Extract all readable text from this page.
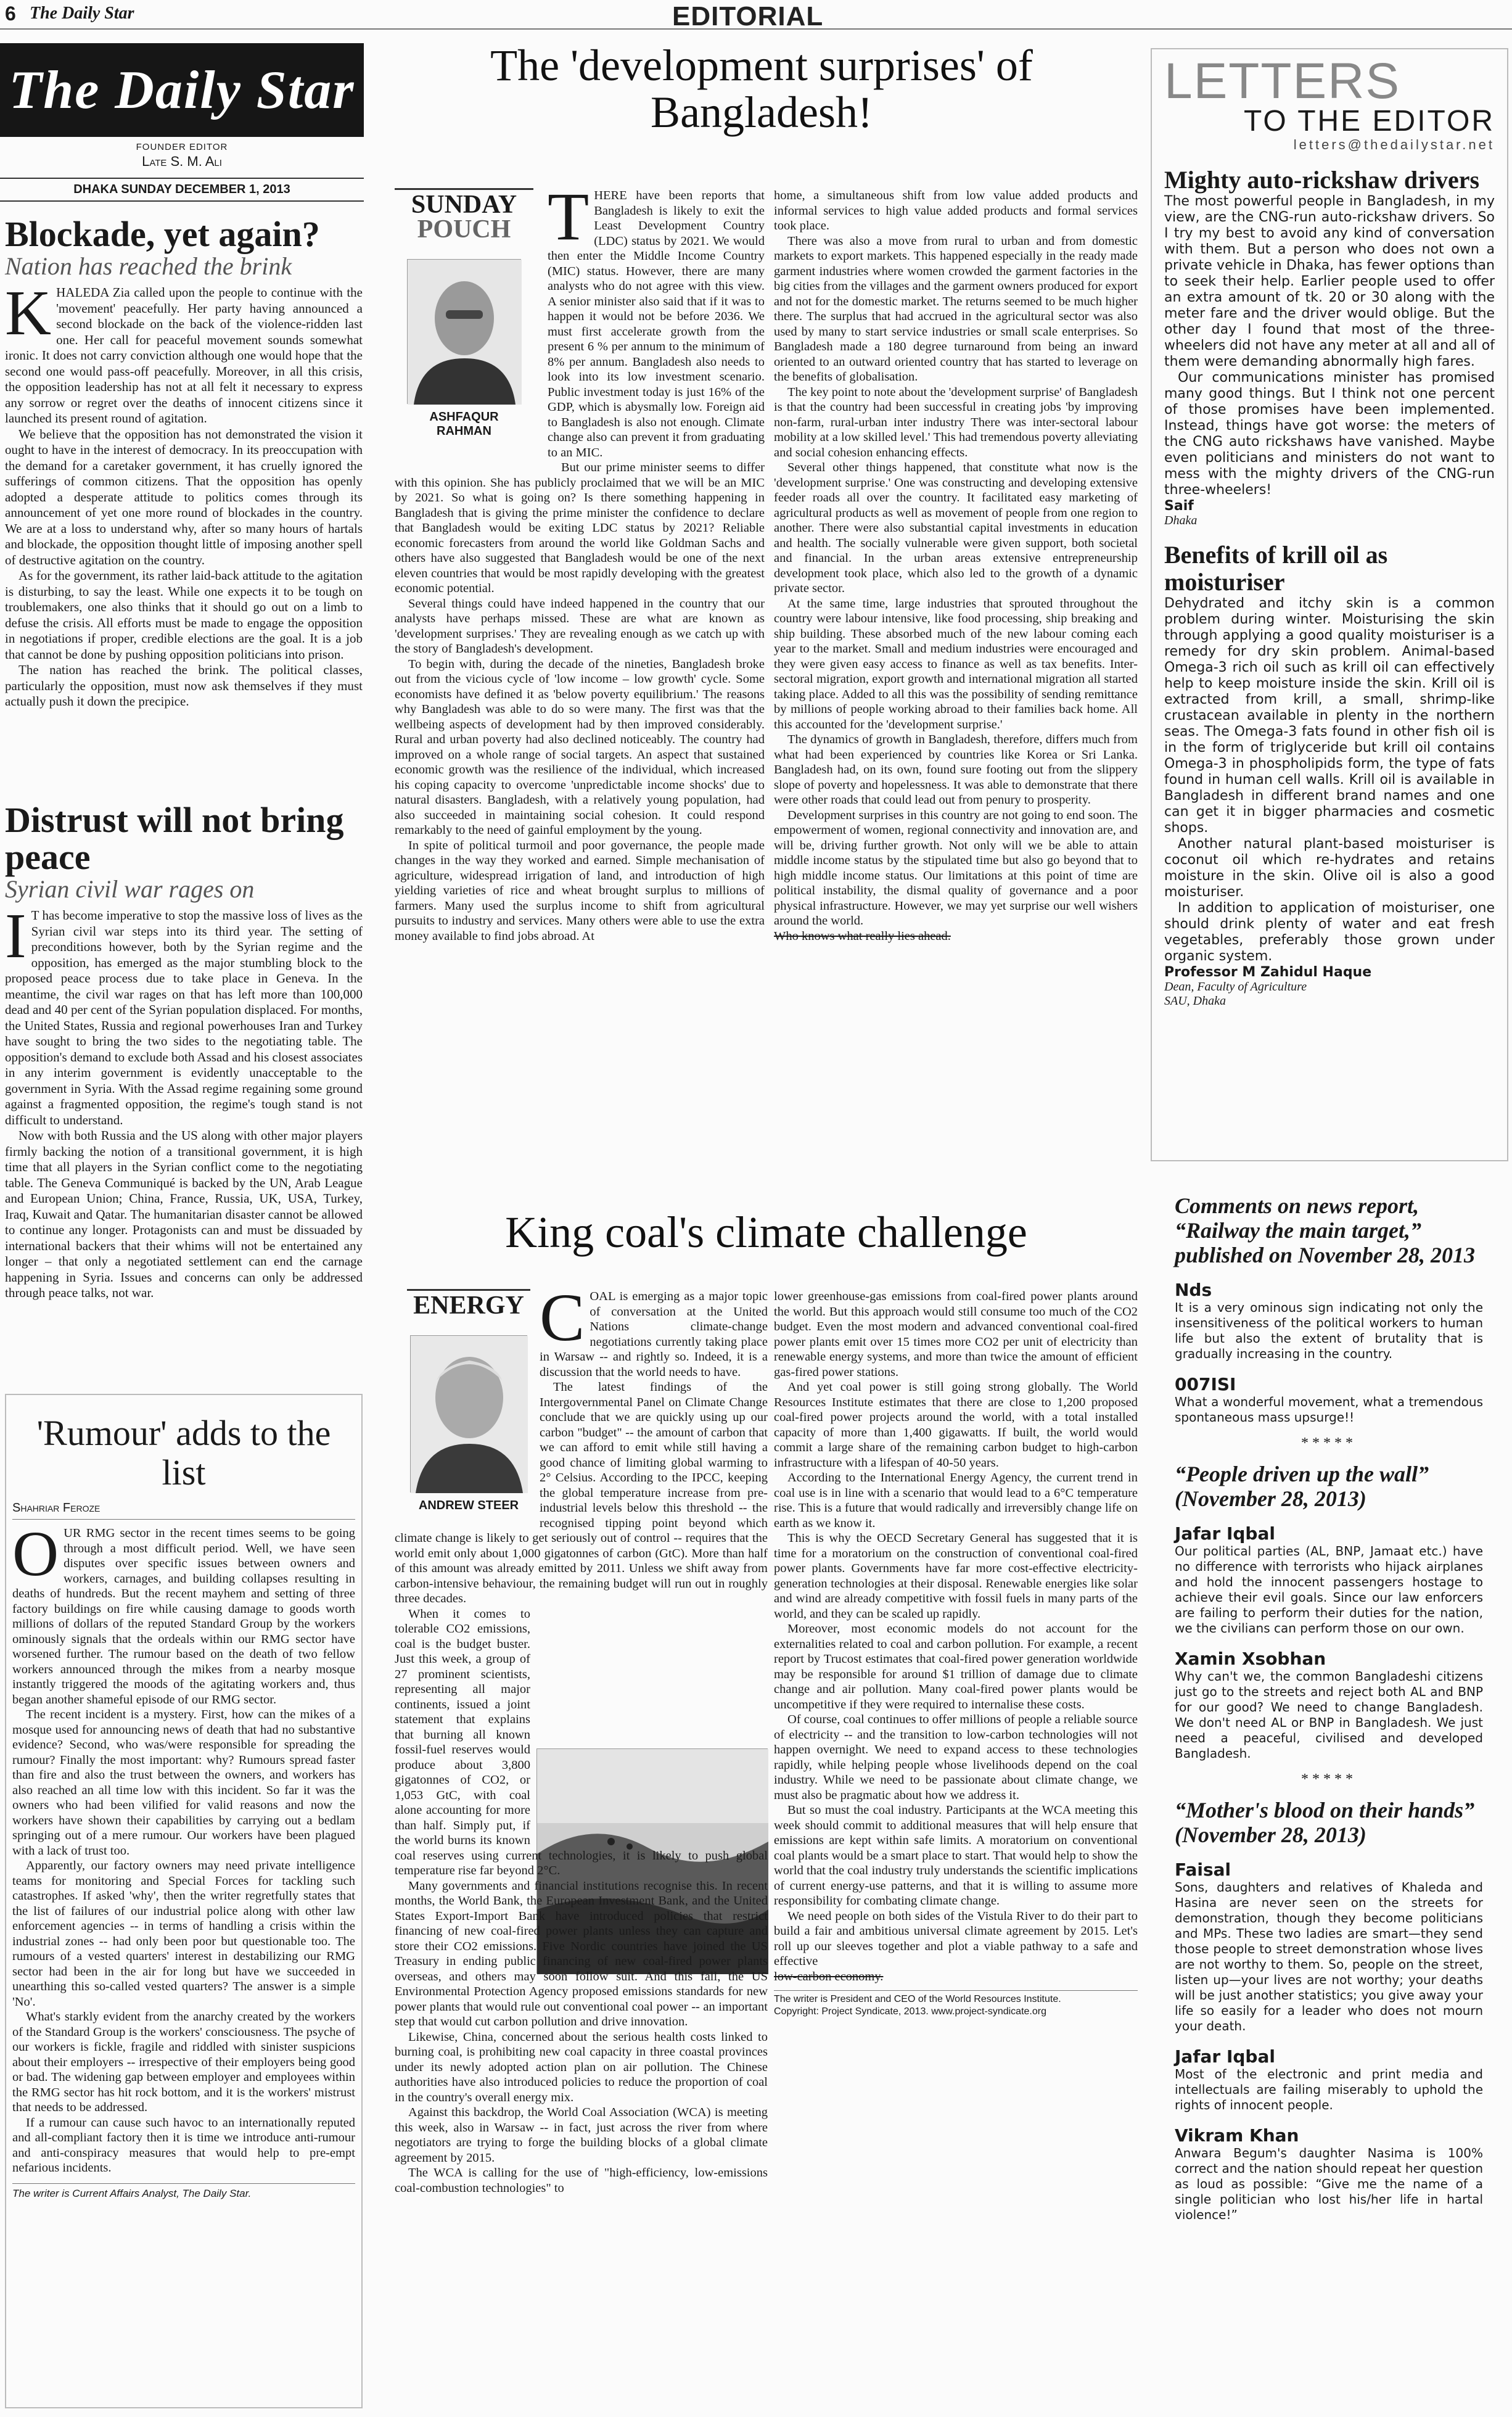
6 The Daily Star	EDITORIAL
The Daily Star
FOUNDER EDITOR
Late S. M. Ali
DHAKA SUNDAY DECEMBER 1, 2013
Blockade, yet again?
Nation has reached the brink
K HALEDA Zia called upon the people to continue with the 'movement' peacefully. Her party having announced a second blockade on the back of the violence-ridden last one. Her call for peaceful movement sounds somewhat ironic. It does not carry conviction although one would hope that the second one would pass-off peacefully. Moreover, in all this crisis, the opposition leadership has not at all felt it necessary to express any sorrow or regret over the deaths of innocent citizens since it launched its present round of agitation.

We believe that the opposition has not demonstrated the vision it ought to have in the interest of democracy. In its preoccupation with the demand for a caretaker government, it has cruelly ignored the sufferings of common citizens. That the opposition has openly adopted a desperate attitude to politics comes through its announcement of yet one more round of blockades in the country. We are at a loss to understand why, after so many hours of hartals and blockade, the opposition thought little of imposing another spell of destructive agitation on the country.

As for the government, its rather laid-back attitude to the agitation is disturbing, to say the least. While one expects it to be tough on troublemakers, one also thinks that it should go out on a limb to defuse the crisis. All efforts must be made to engage the opposition in negotiations if proper, credible elections are the goal. It is a job that cannot be done by pushing opposition politicians into prison.

The nation has reached the brink. The political classes, particularly the opposition, must now ask themselves if they must actually push it down the precipice.

Distrust will not bring peace
Syrian civil war rages on
I T has become imperative to stop the massive loss of lives as the Syrian civil war steps into its third year. The setting of preconditions however, both by the Syrian regime and the opposition, has emerged as the major stumbling block to the proposed peace process due to take place in Geneva. In the meantime, the civil war rages on that has left more than 100,000 dead and 40 per cent of the Syrian population displaced. For months, the United States, Russia and regional powerhouses Iran and Turkey have sought to bring the two sides to the negotiating table. The opposition's demand to exclude both Assad and his closest associates in any interim government is evidently unacceptable to the government in Syria. With the Assad regime regaining some ground against a fragmented opposition, the regime's tough stand is not difficult to understand.

Now with both Russia and the US along with other major players firmly backing the notion of a transitional government, it is high time that all players in the Syrian conflict come to the negotiating table. The Geneva Communiqué is backed by the UN, Arab League and European Union; China, France, Russia, UK, USA, Turkey, Iraq, Kuwait and Qatar. The humanitarian disaster cannot be allowed to continue any longer. Protagonists can and must be dissuaded by international backers that their whims will not be entertained any longer – that only a negotiated settlement can end the carnage happening in Syria. Issues and concerns can only be addressed through peace talks, not war.

'Rumour' adds to the list
Shahriar Feroze
O UR RMG sector in the recent times seems to be going through a most difficult period. Well, we have seen disputes over specific issues between owners and workers, carnages, and building collapses resulting in deaths of hundreds. But the recent mayhem and setting of three factory buildings on fire while causing damage to goods worth millions of dollars of the reputed Standard Group by the workers ominously signals that the ordeals within our RMG sector have worsened further. The rumour based on the death of two fellow workers announced through the mikes from a nearby mosque instantly triggered the moods of the agitating workers and, thus began another shameful episode of our RMG sector.

The recent incident is a mystery. First, how can the mikes of a mosque used for announcing news of death that had no substantive evidence? Second, who was/were responsible for spreading the rumour? Finally the most important: why? Rumours spread faster than fire and also the trust between the owners, and workers has also reached an all time low with this incident. So far it was the owners who had been vilified for valid reasons and now the workers have shown their capabilities by carrying out a bedlam springing out of a mere rumour. Our workers have been plagued with a lack of trust too.

Apparently, our factory owners may need private intelligence teams for monitoring and Special Forces for tackling such catastrophes. If asked 'why', then the writer regretfully states that the list of failures of our industrial police along with other law enforcement agencies -- in terms of handling a crisis within the industrial zones -- had only been poor but questionable too. The rumours of a vested quarters' interest in destabilizing our RMG sector had been in the air for long but have we succeeded in unearthing this so-called vested quarters? The answer is a simple 'No'.

What's starkly evident from the anarchy created by the workers of the Standard Group is the workers' consciousness. The psyche of our workers is fickle, fragile and riddled with sinister suspicions about their employers -- irrespective of their employers being good or bad. The widening gap between employer and employees within the RMG sector has hit rock bottom, and it is the workers' mistrust that needs to be addressed.

If a rumour can cause such havoc to an internationally reputed and all-compliant factory then it is time we introduce anti-rumour and anti-conspiracy measures that would help to pre-empt nefarious incidents.

The writer is Current Affairs Analyst, The Daily Star.
The 'development surprises' of Bangladesh!
SUNDAY
POUCH
ASHFAQUR
RAHMAN
T HERE have been reports that Bangladesh is likely to exit the Least Development Country (LDC) status by 2021. We would then enter the Middle Income Country (MIC) status. However, there are many analysts who do not agree with this view. A senior minister also said that if it was to happen it would not be before 2036. We must first accelerate growth from the present 6 % per annum to the minimum of 8% per annum. Bangladesh also needs to look into its low investment scenario. Public investment today is just 16% of the GDP, which is abysmally low. Foreign aid to Bangladesh is also not enough. Climate change also can prevent it from graduating to an MIC.

But our prime minister seems to differ with this opinion. She has publicly proclaimed that we will be an MIC by 2021. So what is going on? Is there something happening in Bangladesh that is giving the prime minister the confidence to declare that Bangladesh would be exiting LDC status by 2021? Reliable economic forecasters from around the world like Goldman Sachs and others have also suggested that Bangladesh would be one of the next eleven countries that would be most rapidly developing with the greatest economic potential.

Several things could have indeed happened in the country that our analysts have perhaps missed. These are what are known as 'development surprises.' They are revealing enough as we catch up with the story of Bangladesh's development.

To begin with, during the decade of the nineties, Bangladesh broke out from the vicious cycle of 'low income – low growth' cycle. Some economists have defined it as 'below poverty equilibrium.' The reasons why Bangladesh was able to do so were many. The first was that the wellbeing aspects of development had by then improved considerably. Rural and urban poverty had also declined noticeably. The country had improved on a whole range of social targets. An aspect that sustained economic growth was the resilience of the individual, which increased his coping capacity to overcome 'unpredictable income shocks' due to natural disasters. Bangladesh, with a relatively young population, had also succeeded in maintaining social cohesion. It could respond remarkably to the need of gainful employment by the young.

In spite of political turmoil and poor governance, the people made changes in the way they worked and earned. Simple mechanisation of agriculture, widespread irrigation of land, and introduction of high yielding varieties of rice and wheat brought surplus to millions of farmers. Many used the surplus income to shift from agricultural pursuits to industry and services. Many others were able to use the extra money available to find jobs abroad. At

home, a simultaneous shift from low value added products and informal services to high value added products and formal services took place.

There was also a move from rural to urban and from domestic markets to export markets. This happened especially in the ready made garment industries where women crowded the garment factories in the big cities from the villages and the garment owners produced for export and not for the domestic market. The returns seemed to be much higher there. The surplus that had accrued in the agricultural sector was also used by many to start service industries or small scale enterprises. So Bangladesh made a 180 degree turnaround from being an inward oriented to an outward oriented country that has started to leverage on the benefits of globalisation.

The key point to note about the 'development surprise' of Bangladesh is that the country had been successful in creating jobs 'by improving non-farm, rural-urban inter industry There was inter-sectoral labour mobility at a low skilled level.' This had tremendous poverty alleviating and social cohesion enhancing effects.

Several other things happened, that constitute what now is the 'development surprise.' One was constructing and developing extensive feeder roads all over the country. It facilitated easy marketing of agricultural products as well as movement of people from one region to another. There were also substantial capital investments in education and health. The socially vulnerable were given support, both societal and financial. In the urban areas extensive entrepreneurship development took place, which also led to the growth of a dynamic private sector.

At the same time, large industries that sprouted throughout the country were labour intensive, like food processing, ship breaking and ship building. These absorbed much of the new labour coming each year to the market. Small and medium industries were encouraged and they were given easy access to finance as well as tax benefits. Inter-sectoral migration, export growth and international migration all started taking place. Added to all this was the possibility of sending remittance by millions of people working abroad to their families back home. All this accounted for the 'development surprise.'

The dynamics of growth in Bangladesh, therefore, differs much from what had been experienced by countries like Korea or Sri Lanka. Bangladesh had, on its own, found sure footing out from the slippery slope of poverty and hopelessness. It was able to demonstrate that there were other roads that could lead out from penury to prosperity.

Development surprises in this country are not going to end soon. The empowerment of women, regional connectivity and innovation are, and will be, driving further growth. Not only will we be able to attain middle income status by the stipulated time but also go beyond that to high middle income status. Our limitations at this point of time are political instability, the dismal quality of governance and a poor physical infrastructure. However, we may yet surprise our well wishers around the world.

Who knows what really lies ahead.

King coal's climate challenge
ENERGY
ANDREW STEER
C OAL is emerging as a major topic of conversation at the United Nations climate-change negotiations currently taking place in Warsaw -- and rightly so. Indeed, it is a discussion that the world needs to have.

The latest findings of the Intergovernmental Panel on Climate Change conclude that we are quickly using up our carbon "budget" -- the amount of carbon that we can afford to emit while still having a good chance of limiting global warming to 2° Celsius. According to the IPCC, keeping the global temperature increase from pre-industrial levels below this threshold -- the recognised tipping point beyond which climate change is likely to get seriously out of control -- requires that the world emit only about 1,000 gigatonnes of carbon (GtC). More than half of this amount was already emitted by 2011. Unless we shift away from carbon-intensive behaviour, the remaining budget will run out in roughly three decades.

When it comes to tolerable CO2 emissions, coal is the budget buster. Just this week, a group of 27 prominent scientists, representing all major continents, issued a joint statement that explains that burning all known fossil-fuel reserves would produce about 3,800 gigatonnes of CO2, or 1,053 GtC, with coal alone accounting for more than half. Simply put, if the world burns its known coal reserves using current technologies, it is likely to push global temperature rise far beyond 2°C.

Many governments and financial institutions recognise this. In recent months, the World Bank, the European Investment Bank, and the United States Export-Import Bank have introduced policies that restrict financing of new coal-fired power plants unless they can capture and store their CO2 emissions. Five Nordic countries have joined the US Treasury in ending public financing of new coal-fired power plants overseas, and others may soon follow suit. And this fall, the US Environmental Protection Agency proposed emissions standards for new power plants that would rule out conventional coal power -- an important step that would cut carbon pollution and drive innovation.

Likewise, China, concerned about the serious health costs linked to burning coal, is prohibiting new coal capacity in three coastal provinces under its newly adopted action plan on air pollution. The Chinese authorities have also introduced policies to reduce the proportion of coal in the country's overall energy mix.

Against this backdrop, the World Coal Association (WCA) is meeting this week, also in Warsaw -- in fact, just across the river from where negotiators are trying to forge the building blocks of a global climate agreement by 2015.

The WCA is calling for the use of "high-efficiency, low-emissions coal-combustion technologies" to

lower greenhouse-gas emissions from coal-fired power plants around the world. But this approach would still consume too much of the CO2 budget. Even the most modern and advanced conventional coal-fired power plants emit over 15 times more CO2 per unit of electricity than renewable energy systems, and more than twice the amount of efficient gas-fired power stations.

And yet coal power is still going strong globally. The World Resources Institute estimates that there are close to 1,200 proposed coal-fired power projects around the world, with a total installed capacity of more than 1,400 gigawatts. If built, the world would commit a large share of the remaining carbon budget to high-carbon infrastructure with a lifespan of 40-50 years.

According to the International Energy Agency, the current trend in coal use is in line with a scenario that would lead to a 6°C temperature rise. This is a future that would radically and irreversibly change life on earth as we know it.

This is why the OECD Secretary General has suggested that it is time for a moratorium on the construction of conventional coal-fired power plants. Governments have far more cost-effective electricity-generation technologies at their disposal. Renewable energies like solar and wind are already competitive with fossil fuels in many parts of the world, and they can be scaled up rapidly.

Moreover, most economic models do not account for the externalities related to coal and carbon pollution. For example, a recent report by Trucost estimates that coal-fired power generation worldwide may be responsible for around $1 trillion of damage due to climate change and air pollution. Many coal-fired power plants would be uncompetitive if they were required to internalise these costs.

Of course, coal continues to offer millions of people a reliable source of electricity -- and the transition to low-carbon technologies will not happen overnight. We need to expand access to these technologies rapidly, while helping people whose livelihoods depend on the coal industry. While we need to be passionate about climate change, we must also be pragmatic about how we address it.

But so must the coal industry. Participants at the WCA meeting this week should commit to additional measures that will help ensure that emissions are kept within safe limits. A moratorium on conventional coal plants would be a smart place to start. That would help to show the world that the coal industry truly understands the scientific implications of current energy-use patterns, and that it is willing to assume more responsibility for combating climate change.

We need people on both sides of the Vistula River to do their part to build a fair and ambitious universal climate agreement by 2015. Let's roll up our sleeves together and plot a viable pathway to a safe and effective

low-carbon economy.

The writer is President and CEO of the World Resources Institute.
Copyright: Project Syndicate, 2013. www.project-syndicate.org
LETTERS
TO THE EDITOR
letters@thedailystar.net
Mighty auto-rickshaw drivers

The most powerful people in Bangladesh, in my view, are the CNG-run auto-rickshaw drivers. So I try my best to avoid any kind of conversation with them. But a person who does not own a private vehicle in Dhaka, has fewer options than to seek their help. Earlier people used to offer an extra amount of tk. 20 or 30 along with the meter fare and the driver would oblige. But the other day I found that most of the three-wheelers did not have any meter at all and all of them were demanding abnormally high fares.

Our communications minister has promised many good things. But I think not one percent of those promises have been implemented. Instead, things have got worse: the meters of the CNG auto rickshaws have vanished. Maybe even politicians and ministers do not want to mess with the mighty drivers of the CNG-run three-wheelers!

Saif
Dhaka
Benefits of krill oil as moisturiser

Dehydrated and itchy skin is a common problem during winter. Moisturising the skin through applying a good quality moisturiser is a remedy for dry skin problem. Animal-based Omega-3 rich oil such as krill oil can effectively help to keep moisture inside the skin. Krill oil is extracted from krill, a small, shrimp-like crustacean available in plenty in the northern seas. The Omega-3 fats found in other fish oil is in the form of triglyceride but krill oil contains Omega-3 in phospholipids form, the type of fats found in human cell walls. Krill oil is available in Bangladesh in different brand names and one can get it in bigger pharmacies and cosmetic shops.

Another natural plant-based moisturiser is coconut oil which re-hydrates and retains moisture in the skin. Olive oil is also a good moisturiser.

In addition to application of moisturiser, one should drink plenty of water and eat fresh vegetables, preferably those grown under organic system.

Professor M Zahidul Haque
Dean, Faculty of Agriculture
SAU, Dhaka
Comments on news report, “Railway the main target,” published on November 28, 2013
Nds
It is a very ominous sign indicating not only the insensitiveness of the political workers to human life but also the extent of brutality that is gradually increasing in the country.
007ISI
What a wonderful movement, what a tremendous spontaneous mass upsurge!!
*****
“People driven up the wall” (November 28, 2013)
Jafar Iqbal
Our political parties (AL, BNP, Jamaat etc.) have no difference with terrorists who hijack airplanes and hold the innocent passengers hostage to achieve their evil goals. Since our law enforcers are failing to perform their duties for the nation, we the civilians can perform those on our own.
Xamin Xsobhan
Why can't we, the common Bangladeshi citizens just go to the streets and reject both AL and BNP for our good? We need to change Bangladesh. We don't need AL or BNP in Bangladesh. We just need a peaceful, civilised and developed Bangladesh.
*****
“Mother's blood on their hands” (November 28, 2013)
Faisal
Sons, daughters and relatives of Khaleda and Hasina are never seen on the streets for demonstration, though they become politicians and MPs. These two ladies are smart—they send those people to street demonstration whose lives are not worthy to them. So, people on the street, listen up—your lives are not worthy; your deaths will be just another statistics; you give away your life so easily for a leader who does not mourn your death.
Jafar Iqbal
Most of the electronic and print media and intellectuals are failing miserably to uphold the rights of innocent people.
Vikram Khan
Anwara Begum's daughter Nasima is 100% correct and the nation should repeat her question as loud as possible: “Give me the name of a single politician who lost his/her life in hartal violence!”
